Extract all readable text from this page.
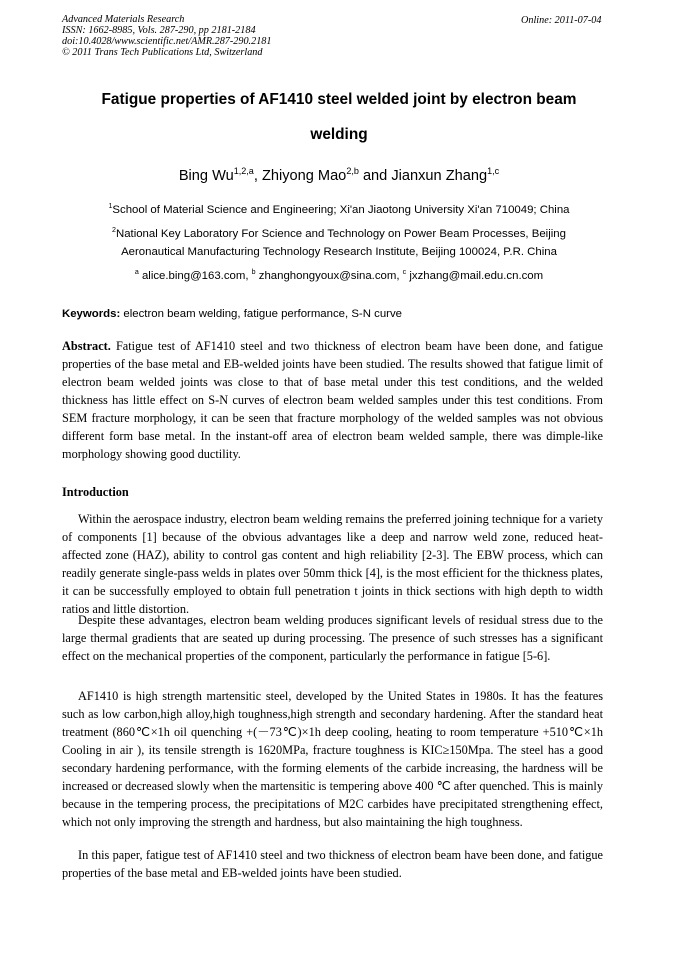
Advanced Materials Research
ISSN: 1662-8985, Vols. 287-290, pp 2181-2184
doi:10.4028/www.scientific.net/AMR.287-290.2181
© 2011 Trans Tech Publications Ltd, Switzerland
Online: 2011-07-04
Fatigue properties of AF1410 steel welded joint by electron beam
welding
Bing Wu$^{1,2,a}$, Zhiyong Mao$^{2,b}$ and Jianxun Zhang$^{1,c}$
$^1$School of Material Science and Engineering; Xi'an Jiaotong University Xi'an 710049; China
$^2$National Key Laboratory For Science and Technology on Power Beam Processes, Beijing
Aeronautical Manufacturing Technology Research Institute, Beijing 100024, P.R. China
$^a$ alice.bing@163.com, $^b$ zhanghongyoux@sina.com, $^c$ jxzhang@mail.edu.cn.com
Keywords: electron beam welding, fatigue performance, S-N curve

Abstract. Fatigue test of AF1410 steel and two thickness of electron beam have been done, and fatigue properties of the base metal and EB-welded joints have been studied. The results showed that fatigue limit of electron beam welded joints was close to that of base metal under this test conditions, and the welded thickness has little effect on S-N curves of electron beam welded samples under this test conditions. From SEM fracture morphology, it can be seen that fracture morphology of the welded samples was not obvious different form base metal. In the instant-off area of electron beam welded sample, there was dimple-like morphology showing good ductility.

Introduction

Within the aerospace industry, electron beam welding remains the preferred joining technique for a variety of components [1] because of the obvious advantages like a deep and narrow weld zone, reduced heat-affected zone (HAZ), ability to control gas content and high reliability [2-3]. The EBW process, which can readily generate single-pass welds in plates over 50mm thick [4], is the most efficient for the thickness plates, it can be successfully employed to obtain full penetration t joints in thick sections with high depth to width ratios and little distortion.

Despite these advantages, electron beam welding produces significant levels of residual stress due to the large thermal gradients that are seated up during processing. The presence of such stresses has a significant effect on the mechanical properties of the component, particularly the performance in fatigue [5-6].

AF1410 is high strength martensitic steel, developed by the United States in 1980s. It has the features such as low carbon,high alloy,high toughness,high strength and secondary hardening. After the standard heat treatment (860℃×1h oil quenching +(－73℃)×1h deep cooling, heating to room temperature +510℃×1h Cooling in air ), its tensile strength is 1620MPa, fracture toughness is KIC≥150Mpa. The steel has a good secondary hardening performance, with the forming elements of the carbide increasing, the hardness will be increased or decreased slowly when the martensitic is tempering above 400 ℃ after quenched. This is mainly because in the tempering process, the precipitations of M2C carbides have precipitated strengthening effect, which not only improving the strength and hardness, but also maintaining the high toughness.

In this paper, fatigue test of AF1410 steel and two thickness of electron beam have been done, and fatigue properties of the base metal and EB-welded joints have been studied.
